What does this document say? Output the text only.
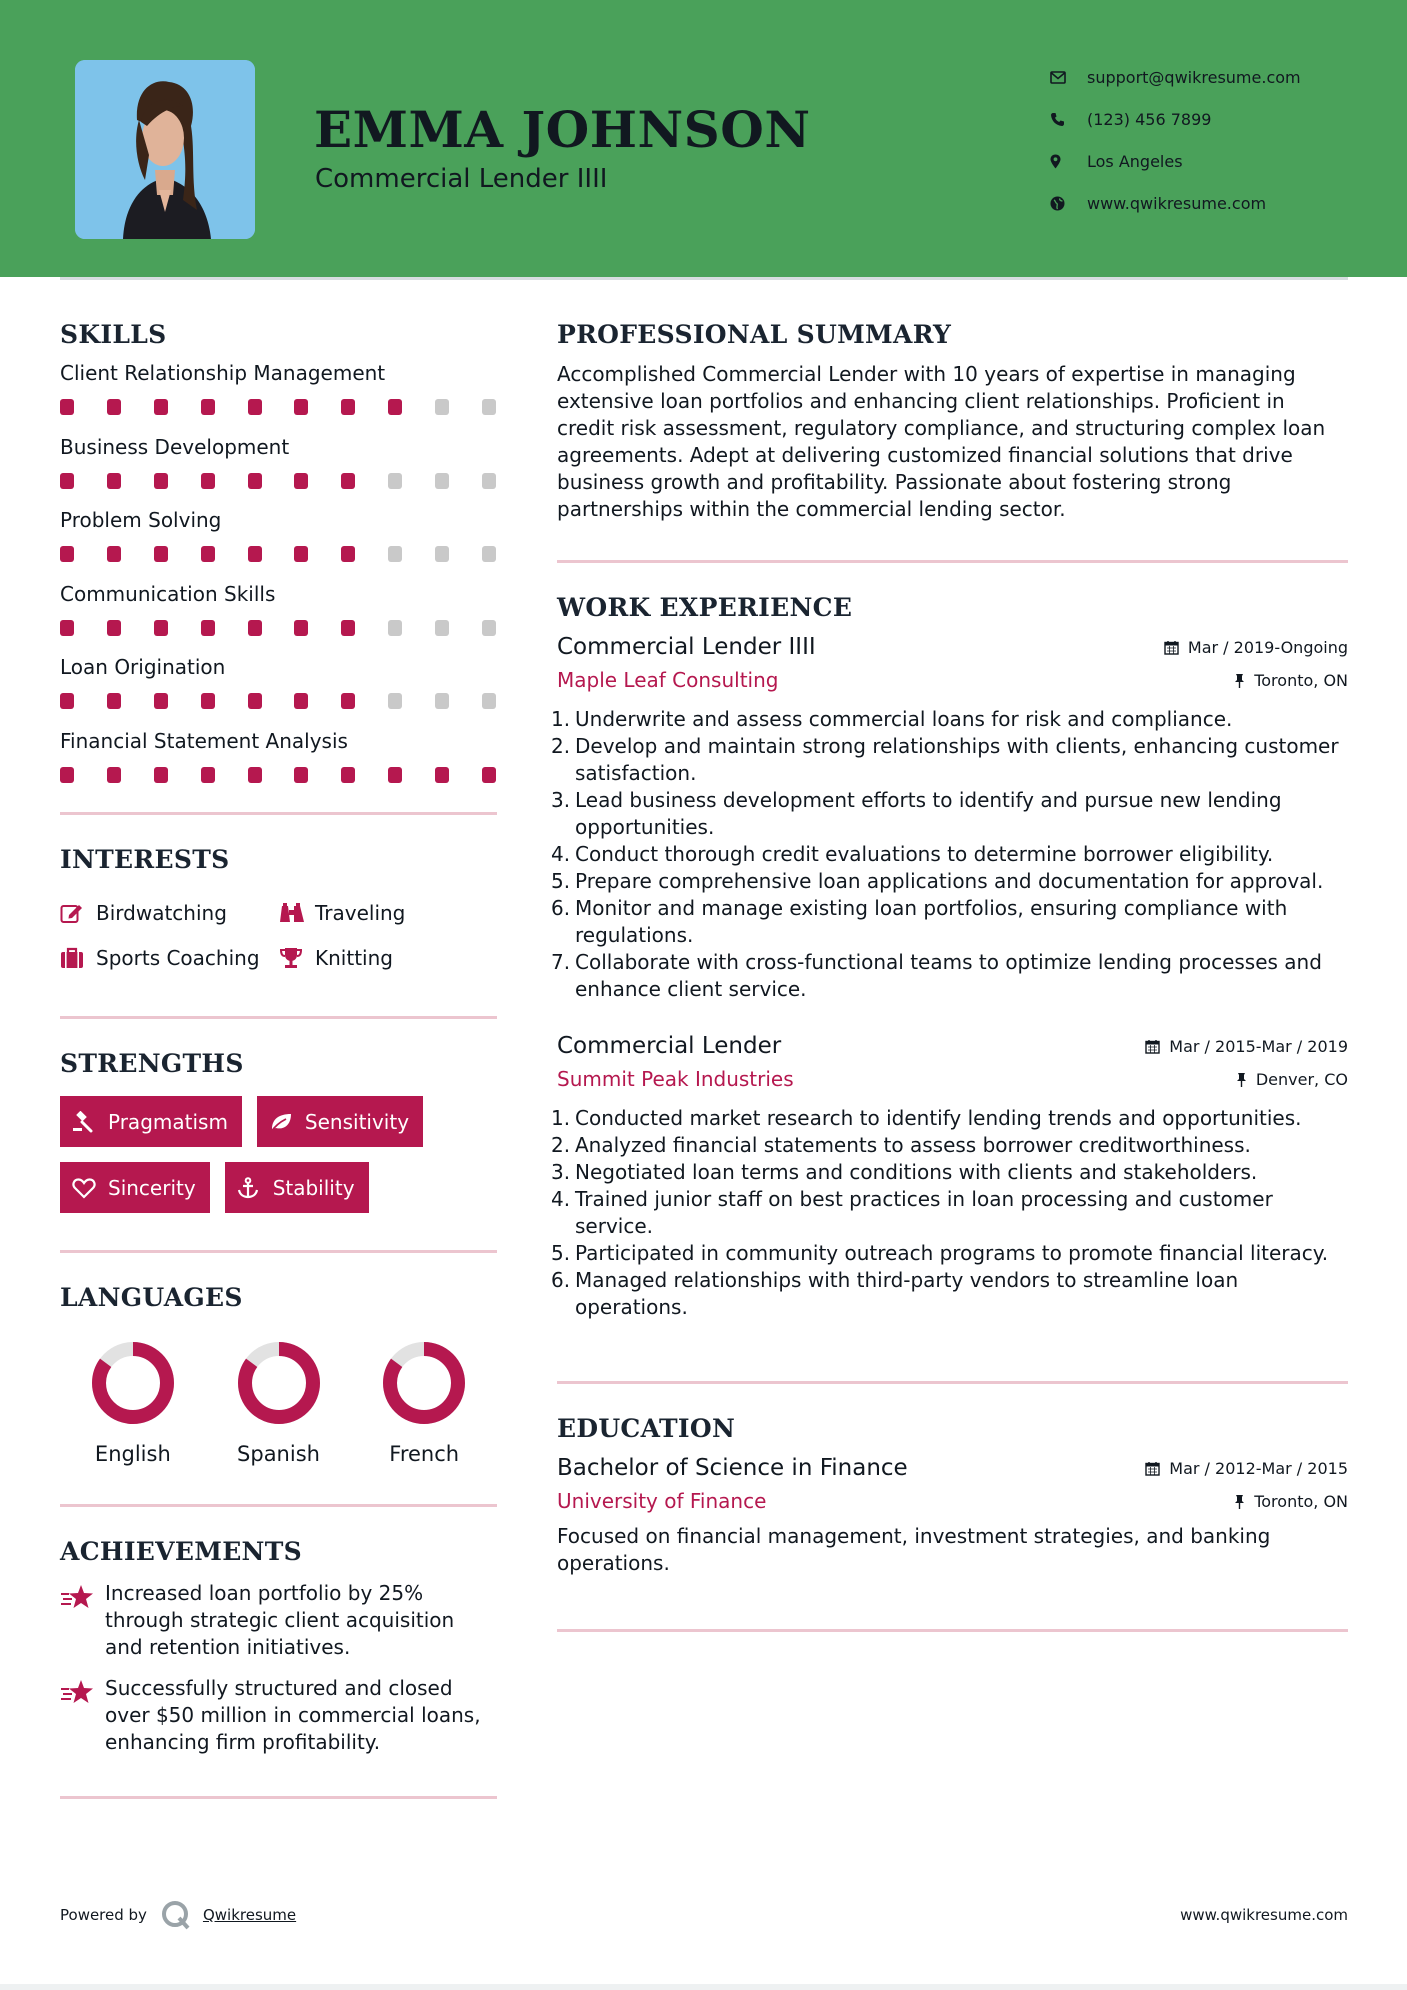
EMMA JOHNSON
Commercial Lender IIII
support@qwikresume.com
(123) 456 7899
Los Angeles
www.qwikresume.com
SKILLS
Client Relationship Management
Business Development
Problem Solving
Communication Skills
Loan Origination
Financial Statement Analysis
INTERESTS
Birdwatching	Traveling
Sports Coaching	Knitting
STRENGTHS
Pragmatism	Sensitivity
Sincerity	Stability
LANGUAGES
English	Spanish	French
ACHIEVEMENTS
Increased loan portfolio by 25% through strategic client acquisition and retention initiatives.
Successfully structured and closed over $50 million in commercial loans, enhancing firm profitability.
PROFESSIONAL SUMMARY
Accomplished Commercial Lender with 10 years of expertise in managing extensive loan portfolios and enhancing client relationships. Proficient in credit risk assessment, regulatory compliance, and structuring complex loan agreements. Adept at delivering customized financial solutions that drive business growth and profitability. Passionate about fostering strong partnerships within the commercial lending sector.
WORK EXPERIENCE
Commercial Lender IIII	Mar / 2019-Ongoing
Maple Leaf Consulting	Toronto, ON
1. Underwrite and assess commercial loans for risk and compliance.
2. Develop and maintain strong relationships with clients, enhancing customer satisfaction.
3. Lead business development efforts to identify and pursue new lending opportunities.
4. Conduct thorough credit evaluations to determine borrower eligibility.
5. Prepare comprehensive loan applications and documentation for approval.
6. Monitor and manage existing loan portfolios, ensuring compliance with regulations.
7. Collaborate with cross-functional teams to optimize lending processes and enhance client service.
Commercial Lender	Mar / 2015-Mar / 2019
Summit Peak Industries	Denver, CO
1. Conducted market research to identify lending trends and opportunities.
2. Analyzed financial statements to assess borrower creditworthiness.
3. Negotiated loan terms and conditions with clients and stakeholders.
4. Trained junior staff on best practices in loan processing and customer service.
5. Participated in community outreach programs to promote financial literacy.
6. Managed relationships with third-party vendors to streamline loan operations.
EDUCATION
Bachelor of Science in Finance	Mar / 2012-Mar / 2015
University of Finance	Toronto, ON
Focused on financial management, investment strategies, and banking operations.
Powered by	Qwikresume	www.qwikresume.com
